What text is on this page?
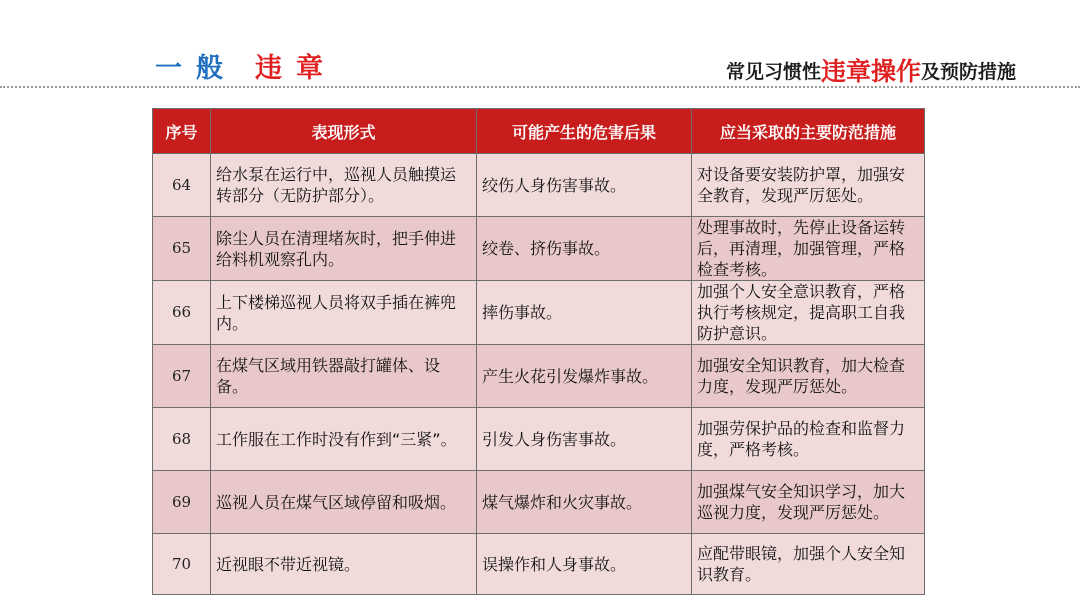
一般 违章	常见习惯性违章操作及预防措施
序号	表现形式	可能产生的危害后果	应当采取的主要防范措施
64	给水泵在运行中，巡视人员触摸运转部分（无防护部分）。	绞伤人身伤害事故。	对设备要安装防护罩，加强安全教育，发现严厉惩处。
65	除尘人员在清理堵灰时，把手伸进给料机观察孔内。	绞卷、挤伤事故。	处理事故时，先停止设备运转后，再清理，加强管理，严格检查考核。
66	上下楼梯巡视人员将双手插在裤兜内。	摔伤事故。	加强个人安全意识教育，严格执行考核规定，提高职工自我防护意识。
67	在煤气区域用铁器敲打罐体、设备。	产生火花引发爆炸事故。	加强安全知识教育，加大检查力度，发现严厉惩处。
68	工作服在工作时没有作到“三紧”。	引发人身伤害事故。	加强劳保护品的检查和监督力度，严格考核。
69	巡视人员在煤气区域停留和吸烟。	煤气爆炸和火灾事故。	加强煤气安全知识学习，加大巡视力度，发现严厉惩处。
70	近视眼不带近视镜。	误操作和人身事故。	应配带眼镜，加强个人安全知识教育。
